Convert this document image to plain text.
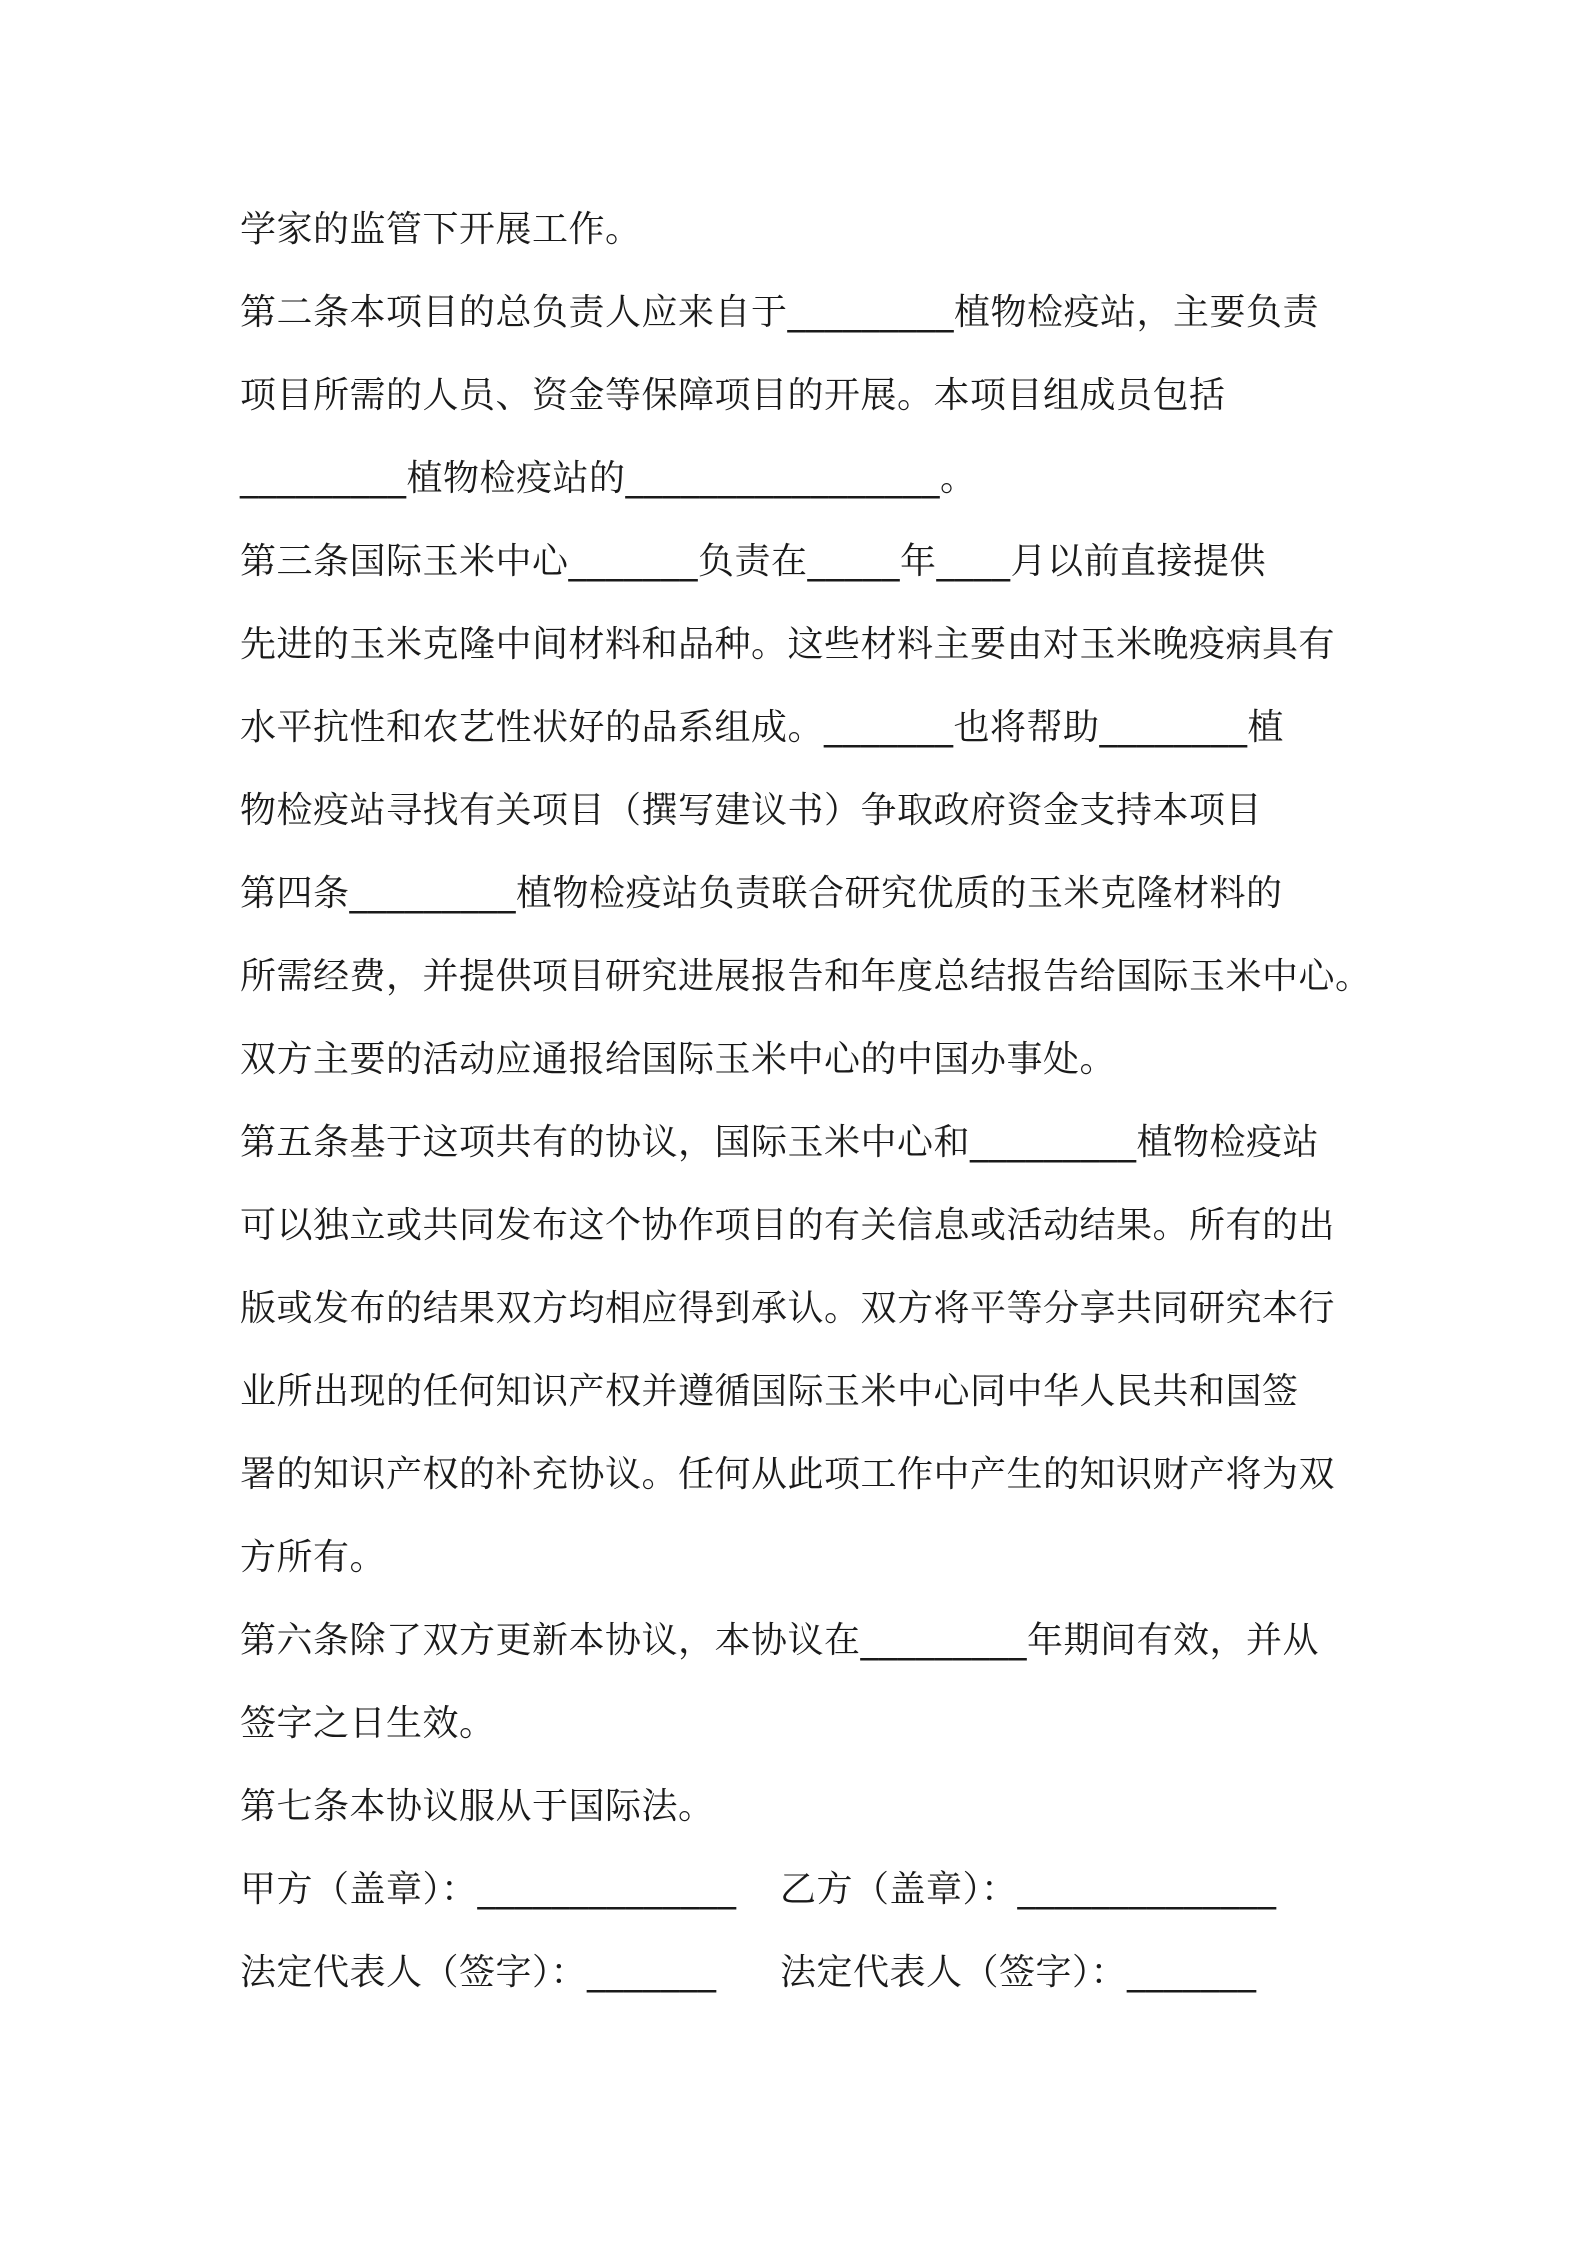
学家的监管下开展工作。
第二条本项目的总负责人应来自于_________植物检疫站，主要负责
项目所需的人员、资金等保障项目的开展。本项目组成员包括
_________植物检疫站的_________________。
第三条国际玉米中心_______负责在_____年____月以前直接提供
先进的玉米克隆中间材料和品种。这些材料主要由对玉米晚疫病具有
水平抗性和农艺性状好的品系组成。_______也将帮助________植
物检疫站寻找有关项目（撰写建议书）争取政府资金支持本项目
第四条_________植物检疫站负责联合研究优质的玉米克隆材料的
所需经费，并提供项目研究进展报告和年度总结报告给国际玉米中心。
双方主要的活动应通报给国际玉米中心的中国办事处。
第五条基于这项共有的协议，国际玉米中心和_________植物检疫站
可以独立或共同发布这个协作项目的有关信息或活动结果。所有的出
版或发布的结果双方均相应得到承认。双方将平等分享共同研究本行
业所出现的任何知识产权并遵循国际玉米中心同中华人民共和国签
署的知识产权的补充协议。任何从此项工作中产生的知识财产将为双
方所有。
第六条除了双方更新本协议，本协议在_________年期间有效，并从
签字之日生效。
第七条本协议服从于国际法。
甲方（盖章）：______________	乙方（盖章）：______________
法定代表人（签字）：_______	法定代表人（签字）：_______
